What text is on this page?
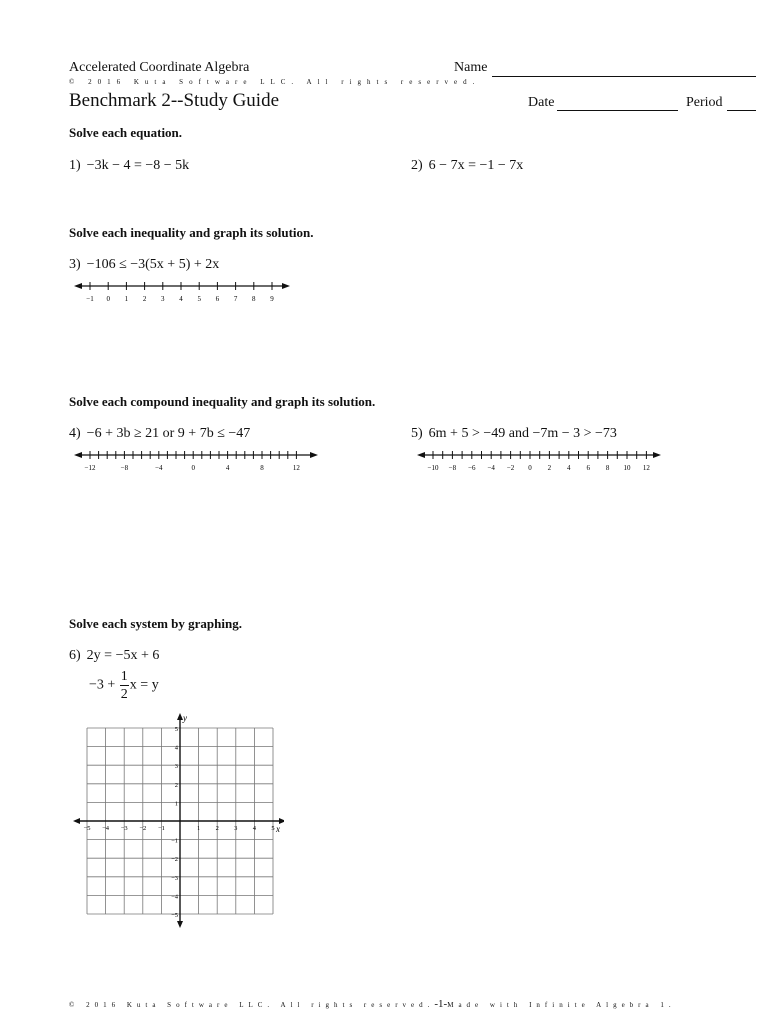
Accelerated Coordinate Algebra	Name
© 2016 Kuta Software LLC. All rights reserved.
Benchmark 2--Study Guide	Date	Period
Solve each equation.
1) −3k − 4 = −8 − 5k	2) 6 − 7x = −1 − 7x
Solve each inequality and graph its solution.
3) −106 ≤ −3(5x + 5) + 2x
−1 0 1 2 3 4 5 6 7 8 9
Solve each compound inequality and graph its solution.
4) −6 + 3b ≥ 21 or 9 + 7b ≤ −47
−12	−8	−4	0	4	8	12
5) 6m + 5 > −49 and −7m − 3 > −73
−10 −8 −6 −4 −2 0 2 4 6 8 10 12
Solve each system by graphing.
6) 2y = −5x + 6
$-3 + \frac{1}{2}$ x = y
−5 −4 −3 −2 −1	1 2 3 4 5
5
4
3
2
1
−1
−2
−3
−4
−5
x
y
© 2016 Kuta Software LLC. All rights reserved.-1-Made with Infinite Algebra 1.
